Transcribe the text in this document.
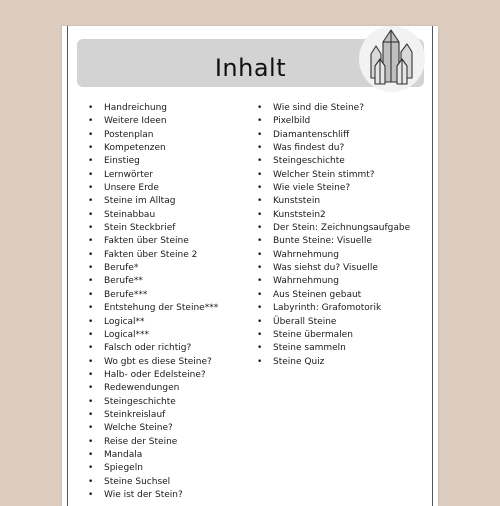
Inhalt
• Handreichung
• Weitere Ideen
• Postenplan
• Kompetenzen
• Einstieg
• Lernwörter
• Unsere Erde
• Steine im Alltag
• Steinabbau
• Stein Steckbrief
• Fakten über Steine
• Fakten über Steine 2
• Berufe*
• Berufe**
• Berufe***
• Entstehung der Steine***
• Logical**
• Logical***
• Falsch oder richtig?
• Wo gbt es diese Steine?
• Halb- oder Edelsteine?
• Redewendungen
• Steingeschichte
• Steinkreislauf
• Welche Steine?
• Reise der Steine
• Mandala
• Spiegeln
• Steine Suchsel
• Wie ist der Stein?
• Wie sind die Steine?
• Pixelbild
• Diamantenschliff
• Was findest du?
• Steingeschichte
• Welcher Stein stimmt?
• Wie viele Steine?
• Kunststein
• Kunststein2
• Der Stein: Zeichnungsaufgabe
• Bunte Steine: Visuelle
• Wahrnehmung
• Was siehst du? Visuelle
• Wahrnehmung
• Aus Steinen gebaut
• Labyrinth: Grafomotorik
• Überall Steine
• Steine übermalen
• Steine sammeln
• Steine Quiz
